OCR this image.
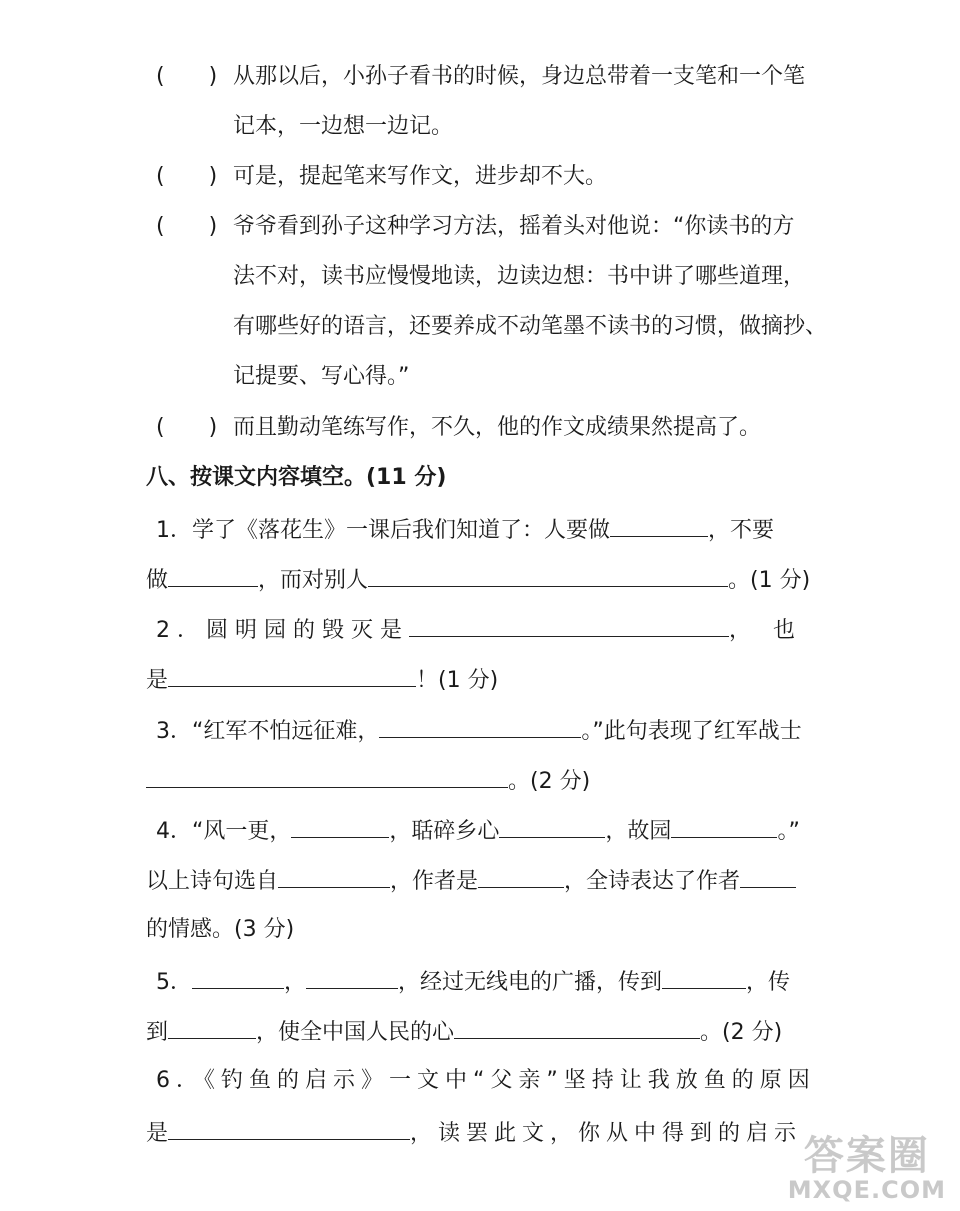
( ) 从那以后，小孙子看书的时候，身边总带着一支笔和一个笔
记本，一边想一边记。
( ) 可是，提起笔来写作文，进步却不大。
( ) 爷爷看到孙子这种学习方法，摇着头对他说：“你读书的方
法不对，读书应慢慢地读，边读边想：书中讲了哪些道理，
有哪些好的语言，还要养成不动笔墨不读书的习惯，做摘抄、
记提要、写心得。”
( ) 而且勤动笔练写作，不久，他的作文成绩果然提高了。
八、按课文内容填空。(11 分)
1．学了《落花生》一课后我们知道了：人要做	，不要
做	，而对别人	。(1 分)
2．圆明园的毁灭是	，也
是	！(1 分)
3．“红军不怕远征难，	。”此句表现了红军战士
。(2 分)
4．“风一更，	，聒碎乡心	，故园	。”
以上诗句选自	，作者是	，全诗表达了作者
的情感。(3 分)
5．	，	，经过无线电的广播，传到	，传
到	，使全中国人民的心	。(2 分)
6．《钓鱼的启示》一文中“父亲”坚持让我放鱼的原因
是	，读罢此文，你从中得到的启示 答案圈
MXQE.COM
